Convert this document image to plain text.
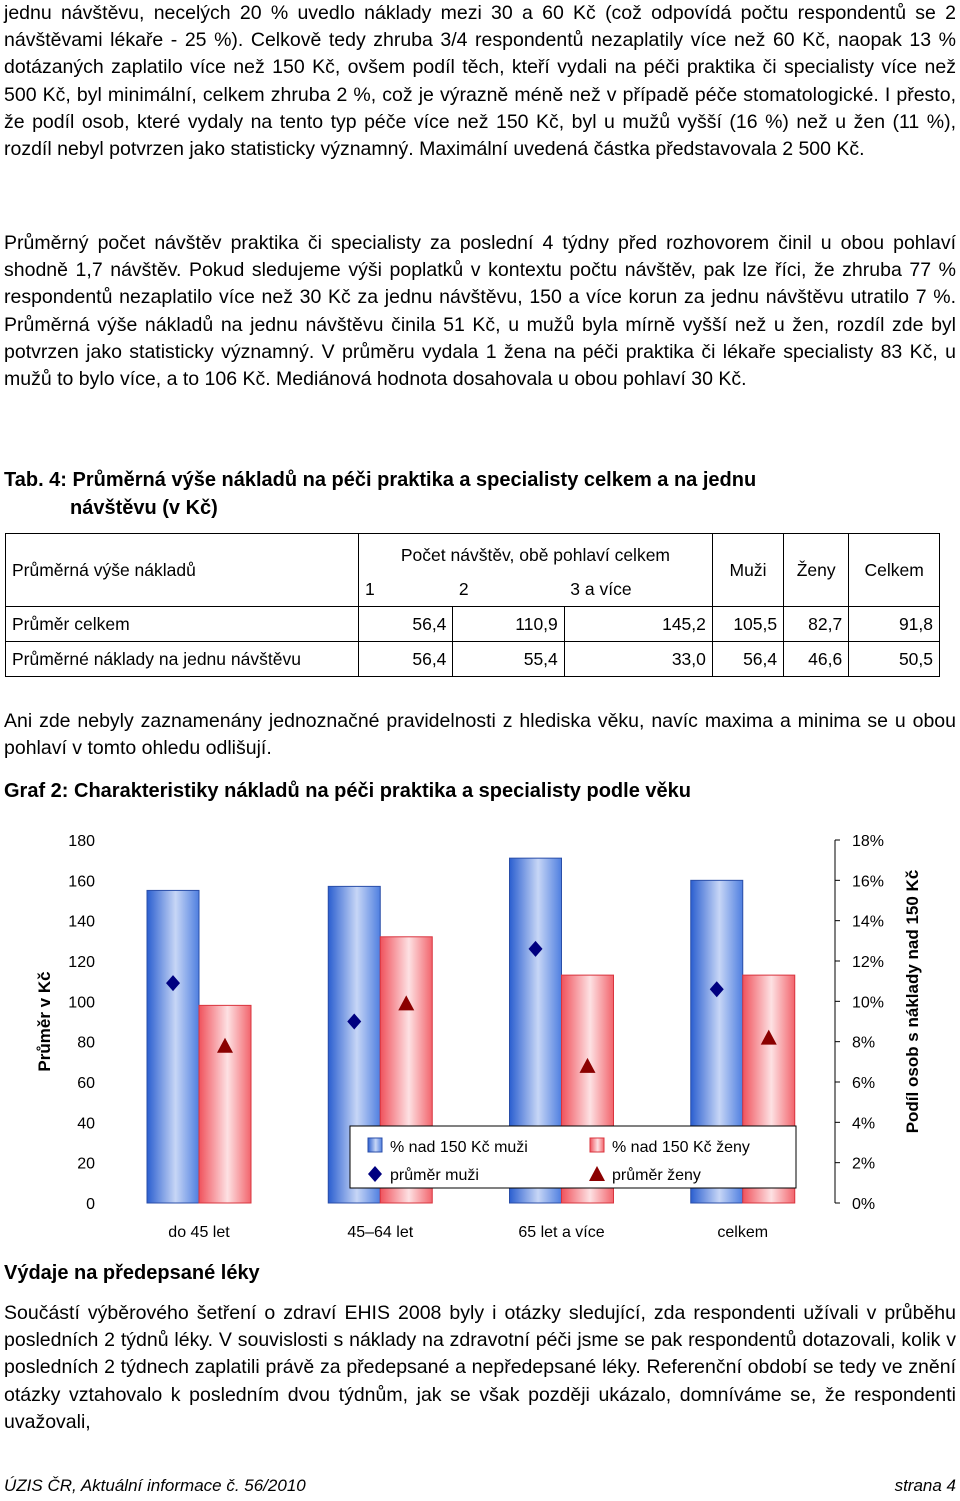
jednu návštěvu, necelých 20 % uvedlo náklady mezi 30 a 60 Kč (což odpovídá počtu respondentů se 2 návštěvami lékaře - 25 %). Celkově tedy zhruba 3/4 respondentů nezaplatily více než 60 Kč, naopak 13 % dotázaných zaplatilo více než 150 Kč, ovšem podíl těch, kteří vydali na péči praktika či specialisty více než 500 Kč, byl minimální, celkem zhruba 2 %, což je výrazně méně než v případě péče stomatologické. I přesto, že podíl osob, které vydaly na tento typ péče více než 150 Kč, byl u mužů vyšší (16 %) než u žen (11 %), rozdíl nebyl potvrzen jako statisticky významný. Maximální uvedená částka představovala 2 500 Kč.

Průměrný počet návštěv praktika či specialisty za poslední 4 týdny před rozhovorem činil u obou pohlaví shodně 1,7 návštěv. Pokud sledujeme výši poplatků v kontextu počtu návštěv, pak lze říci, že zhruba 77 % respondentů nezaplatilo více než 30 Kč za jednu návštěvu, 150 a více korun za jednu návštěvu utratilo 7 %. Průměrná výše nákladů na jednu návštěvu činila 51 Kč, u mužů byla mírně vyšší než u žen, rozdíl zde byl potvrzen jako statisticky významný. V průměru vydala 1 žena na péči praktika či lékaře specialisty 83 Kč, u mužů to bylo více, a to 106 Kč. Mediánová hodnota dosahovala u obou pohlaví 30 Kč.

Tab. 4: Průměrná výše nákladů na péči praktika a specialisty celkem a na jednu
návštěvu (v Kč)
Průměrná výše nákladů	Počet návštěv, obě pohlaví celkem			Muži	Ženy	Celkem
	1	2	3 a více			
Průměr celkem	56,4	110,9	145,2	105,5	82,7	91,8
Průměrné náklady na jednu návštěvu	56,4	55,4	33,0	56,4	46,6	50,5

Ani zde nebyly zaznamenány jednoznačné pravidelnosti z hlediska věku, navíc maxima a minima se u obou pohlaví v tomto ohledu odlišují.

Graf 2: Charakteristiky nákladů na péči praktika a specialisty podle věku
0
20
40
60
80
100
120
140
160
180
0%
2%
4%
6%
8%
10%
12%
14%
16%
18%
Průměr v Kč	Podíl osob s náklady nad 150 Kč
do 45 let	45–64 let	65 let a více	celkem
% nad 150 Kč muži	% nad 150 Kč ženy
průměr muži	průměr ženy
Výdaje na předepsané léky

Součástí výběrového šetření o zdraví EHIS 2008 byly i otázky sledující, zda respondenti užívali v průběhu posledních 2 týdnů léky. V souvislosti s náklady na zdravotní péči jsme se pak respondentů dotazovali, kolik v posledních 2 týdnech zaplatili právě za předepsané a nepředepsané léky. Referenční období se tedy ve znění otázky vztahovalo k posledním dvou týdnům, jak se však později ukázalo, domníváme se, že respondenti uvažovali,

ÚZIS ČR, Aktuální informace č. 56/2010	strana 4
